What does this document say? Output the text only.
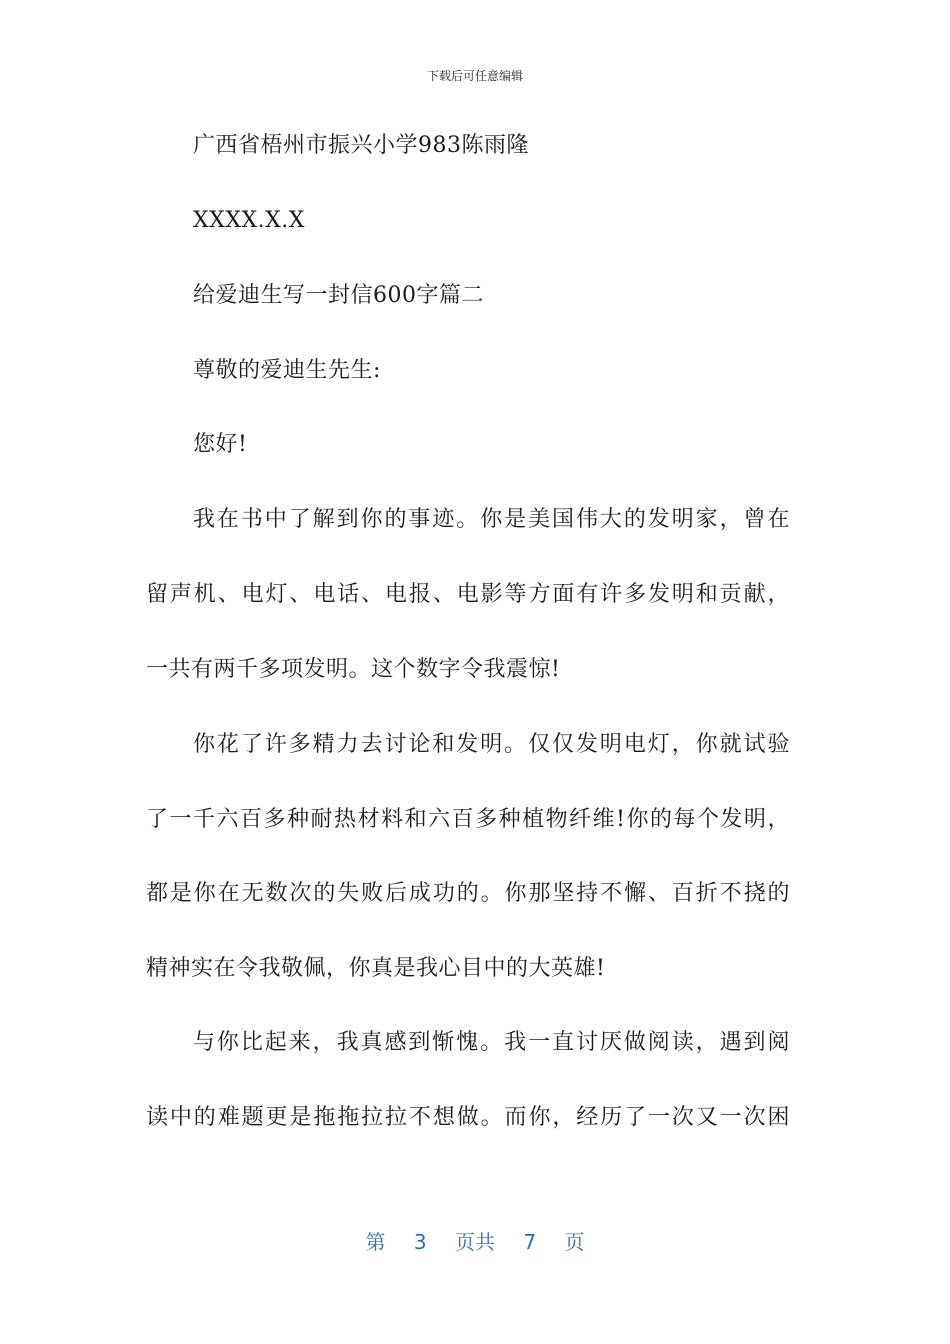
下载后可任意编辑
广西省梧州市振兴小学983陈雨隆
XXXX.X.X
给爱迪生写一封信600字篇二
尊敬的爱迪生先生:
您好!
我在书中了解到你的事迹。你是美国伟大的发明家，曾在
留声机、电灯、电话、电报、电影等方面有许多发明和贡献，
一共有两千多项发明。这个数字令我震惊!
你花了许多精力去讨论和发明。仅仅发明电灯，你就试验
了一千六百多种耐热材料和六百多种植物纤维!你的每个发明，
都是你在无数次的失败后成功的。你那坚持不懈、百折不挠的
精神实在令我敬佩，你真是我心目中的大英雄!
与你比起来，我真感到惭愧。我一直讨厌做阅读，遇到阅
读中的难题更是拖拖拉拉不想做。而你，经历了一次又一次困
第 3 页共 7 页
